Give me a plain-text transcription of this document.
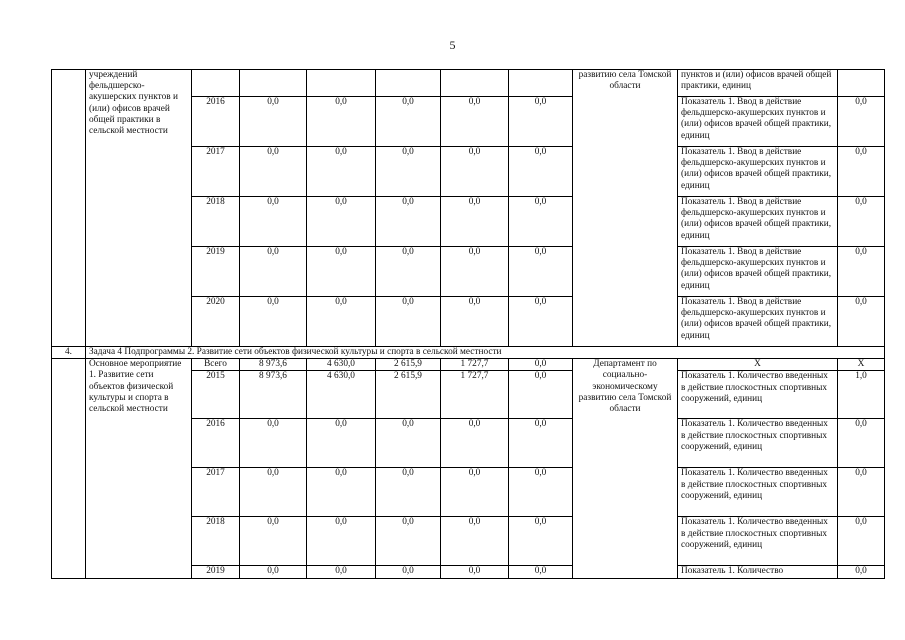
5
	учреждений фельдшерско-акушерских пунктов и (или) офисов врачей общей практики в сельской местности							развитию села Томской области	пунктов и (или) офисов врачей общей практики, единиц	
		2016	0,0	0,0	0,0	0,0	0,0		Показатель 1. Ввод в действие фельдшерско-акушерских пунктов и (или) офисов врачей общей практики, единиц	0,0
		2017	0,0	0,0	0,0	0,0	0,0		Показатель 1. Ввод в действие фельдшерско-акушерских пунктов и (или) офисов врачей общей практики, единиц	0,0
		2018	0,0	0,0	0,0	0,0	0,0		Показатель 1. Ввод в действие фельдшерско-акушерских пунктов и (или) офисов врачей общей практики, единиц	0,0
		2019	0,0	0,0	0,0	0,0	0,0		Показатель 1. Ввод в действие фельдшерско-акушерских пунктов и (или) офисов врачей общей практики, единиц	0,0
		2020	0,0	0,0	0,0	0,0	0,0		Показатель 1. Ввод в действие фельдшерско-акушерских пунктов и (или) офисов врачей общей практики, единиц	0,0
4.	Задача 4 Подпрограммы 2. Развитие сети объектов физической культуры и спорта в сельской местности									
	Основное мероприятие 1. Развитие сети объектов физической культуры и спорта в сельской местности	Всего	8 973,6	4 630,0	2 615,9	1 727,7	0,0	Департамент по социально-экономическому развитию села Томской области	Х	Х
		2015	8 973,6	4 630,0	2 615,9	1 727,7	0,0		Показатель 1. Количество введенных в действие плоскостных спортивных сооружений, единиц	1,0
		2016	0,0	0,0	0,0	0,0	0,0		Показатель 1. Количество введенных в действие плоскостных спортивных сооружений, единиц	0,0
		2017	0,0	0,0	0,0	0,0	0,0		Показатель 1. Количество введенных в действие плоскостных спортивных сооружений, единиц	0,0
		2018	0,0	0,0	0,0	0,0	0,0		Показатель 1. Количество введенных в действие плоскостных спортивных сооружений, единиц	0,0
		2019	0,0	0,0	0,0	0,0	0,0		Показатель 1. Количество	0,0
